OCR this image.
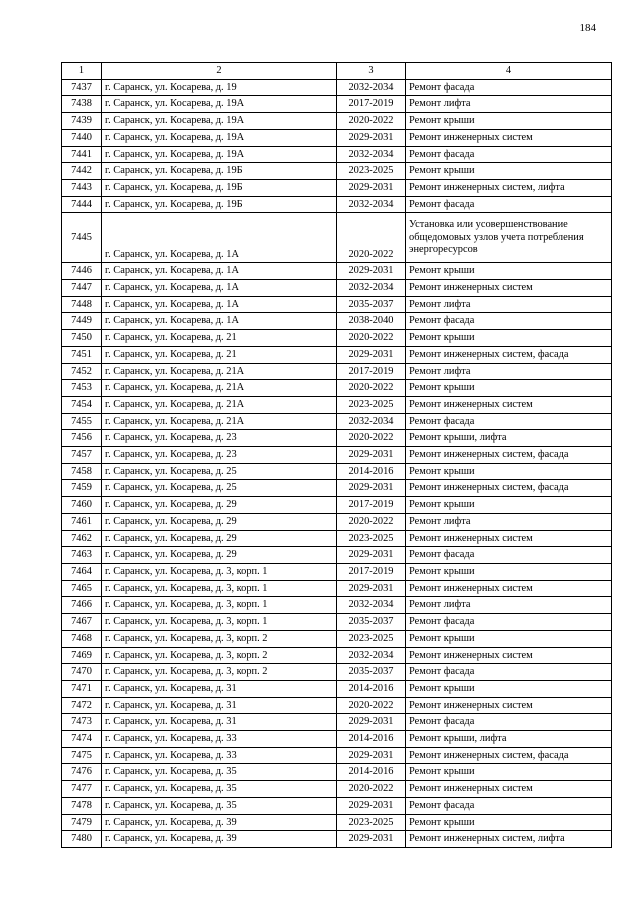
184
1	2	3	4
7437	г. Саранск, ул. Косарева, д. 19	2032-2034	Ремонт фасада
7438	г. Саранск, ул. Косарева, д. 19А	2017-2019	Ремонт лифта
7439	г. Саранск, ул. Косарева, д. 19А	2020-2022	Ремонт крыши
7440	г. Саранск, ул. Косарева, д. 19А	2029-2031	Ремонт инженерных систем
7441	г. Саранск, ул. Косарева, д. 19А	2032-2034	Ремонт фасада
7442	г. Саранск, ул. Косарева, д. 19Б	2023-2025	Ремонт крыши
7443	г. Саранск, ул. Косарева, д. 19Б	2029-2031	Ремонт инженерных систем, лифта
7444	г. Саранск, ул. Косарева, д. 19Б	2032-2034	Ремонт фасада
7445	г. Саранск, ул. Косарева, д. 1А	2020-2022	Установка или усовершенствование общедомовых узлов учета потребления энергоресурсов
7446	г. Саранск, ул. Косарева, д. 1А	2029-2031	Ремонт крыши
7447	г. Саранск, ул. Косарева, д. 1А	2032-2034	Ремонт инженерных систем
7448	г. Саранск, ул. Косарева, д. 1А	2035-2037	Ремонт лифта
7449	г. Саранск, ул. Косарева, д. 1А	2038-2040	Ремонт фасада
7450	г. Саранск, ул. Косарева, д. 21	2020-2022	Ремонт крыши
7451	г. Саранск, ул. Косарева, д. 21	2029-2031	Ремонт инженерных систем, фасада
7452	г. Саранск, ул. Косарева, д. 21А	2017-2019	Ремонт лифта
7453	г. Саранск, ул. Косарева, д. 21А	2020-2022	Ремонт крыши
7454	г. Саранск, ул. Косарева, д. 21А	2023-2025	Ремонт инженерных систем
7455	г. Саранск, ул. Косарева, д. 21А	2032-2034	Ремонт фасада
7456	г. Саранск, ул. Косарева, д. 23	2020-2022	Ремонт крыши, лифта
7457	г. Саранск, ул. Косарева, д. 23	2029-2031	Ремонт инженерных систем, фасада
7458	г. Саранск, ул. Косарева, д. 25	2014-2016	Ремонт крыши
7459	г. Саранск, ул. Косарева, д. 25	2029-2031	Ремонт инженерных систем, фасада
7460	г. Саранск, ул. Косарева, д. 29	2017-2019	Ремонт крыши
7461	г. Саранск, ул. Косарева, д. 29	2020-2022	Ремонт лифта
7462	г. Саранск, ул. Косарева, д. 29	2023-2025	Ремонт инженерных систем
7463	г. Саранск, ул. Косарева, д. 29	2029-2031	Ремонт фасада
7464	г. Саранск, ул. Косарева, д. 3, корп. 1	2017-2019	Ремонт крыши
7465	г. Саранск, ул. Косарева, д. 3, корп. 1	2029-2031	Ремонт инженерных систем
7466	г. Саранск, ул. Косарева, д. 3, корп. 1	2032-2034	Ремонт лифта
7467	г. Саранск, ул. Косарева, д. 3, корп. 1	2035-2037	Ремонт фасада
7468	г. Саранск, ул. Косарева, д. 3, корп. 2	2023-2025	Ремонт крыши
7469	г. Саранск, ул. Косарева, д. 3, корп. 2	2032-2034	Ремонт инженерных систем
7470	г. Саранск, ул. Косарева, д. 3, корп. 2	2035-2037	Ремонт фасада
7471	г. Саранск, ул. Косарева, д. 31	2014-2016	Ремонт крыши
7472	г. Саранск, ул. Косарева, д. 31	2020-2022	Ремонт инженерных систем
7473	г. Саранск, ул. Косарева, д. 31	2029-2031	Ремонт фасада
7474	г. Саранск, ул. Косарева, д. 33	2014-2016	Ремонт крыши, лифта
7475	г. Саранск, ул. Косарева, д. 33	2029-2031	Ремонт инженерных систем, фасада
7476	г. Саранск, ул. Косарева, д. 35	2014-2016	Ремонт крыши
7477	г. Саранск, ул. Косарева, д. 35	2020-2022	Ремонт инженерных систем
7478	г. Саранск, ул. Косарева, д. 35	2029-2031	Ремонт фасада
7479	г. Саранск, ул. Косарева, д. 39	2023-2025	Ремонт крыши
7480	г. Саранск, ул. Косарева, д. 39	2029-2031	Ремонт инженерных систем, лифта
